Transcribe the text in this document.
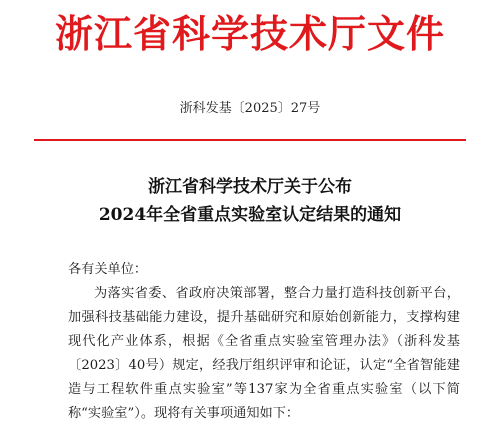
浙江省科学技术厅文件
浙科发基〔2025〕27号
浙江省科学技术厅关于公布
2024年全省重点实验室认定结果的通知
各有关单位：
为落实省委、省政府决策部署，整合力量打造科技创新平台，加强科技基础能力建设，提升基础研究和原始创新能力，支撑构建现代化产业体系，根据《全省重点实验室管理办法》（浙科发基〔2023〕40号）规定，经我厅组织评审和论证，认定“全省智能建造与工程软件重点实验室”等137家为全省重点实验室（以下简称“实验室”）。现将有关事项通知如下：
